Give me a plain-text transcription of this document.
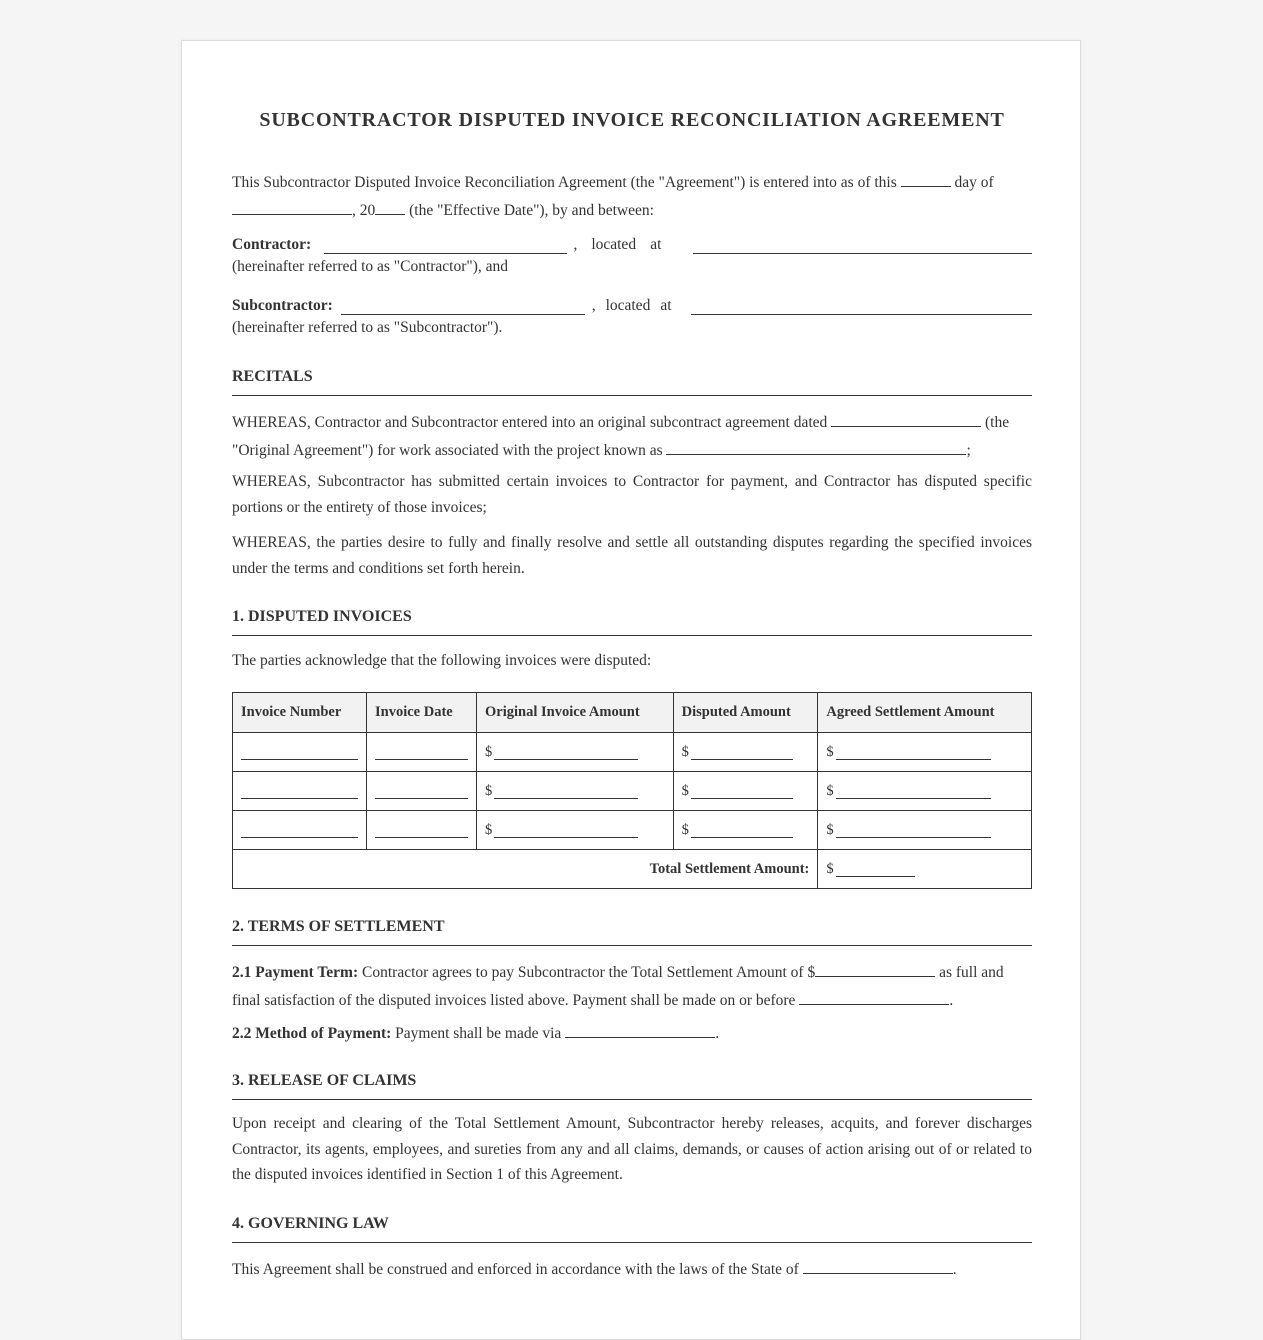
SUBCONTRACTOR DISPUTED INVOICE RECONCILIATION AGREEMENT

This Subcontractor Disputed Invoice Reconciliation Agreement (the "Agreement") is entered into as of this	day of
, 20 (the "Effective Date"), by and between:

Contractor:	, located at
(hereinafter referred to as "Contractor"), and
Subcontractor:	, located at
(hereinafter referred to as "Subcontractor").
RECITALS

WHEREAS, Contractor and Subcontractor entered into an original subcontract agreement dated	(the
"Original Agreement") for work associated with the project known as	;

WHEREAS, Subcontractor has submitted certain invoices to Contractor for payment, and Contractor has disputed specific portions or the entirety of those invoices;

WHEREAS, the parties desire to fully and finally resolve and settle all outstanding disputes regarding the specified invoices under the terms and conditions set forth herein.

1. DISPUTED INVOICES

The parties acknowledge that the following invoices were disputed:

Invoice Number	Invoice Date	Original Invoice Amount	Disputed Amount	Agreed Settlement Amount
		$	$	$
		$	$	$
		$	$	$
Total Settlement Amount:				$
2. TERMS OF SETTLEMENT

2.1 Payment Term: Contractor agrees to pay Subcontractor the Total Settlement Amount of $	as full and
final satisfaction of the disputed invoices listed above. Payment shall be made on or before	.

2.2 Method of Payment: Payment shall be made via	.

3. RELEASE OF CLAIMS

Upon receipt and clearing of the Total Settlement Amount, Subcontractor hereby releases, acquits, and forever discharges Contractor, its agents, employees, and sureties from any and all claims, demands, or causes of action arising out of or related to the disputed invoices identified in Section 1 of this Agreement.

4. GOVERNING LAW

This Agreement shall be construed and enforced in accordance with the laws of the State of	.
